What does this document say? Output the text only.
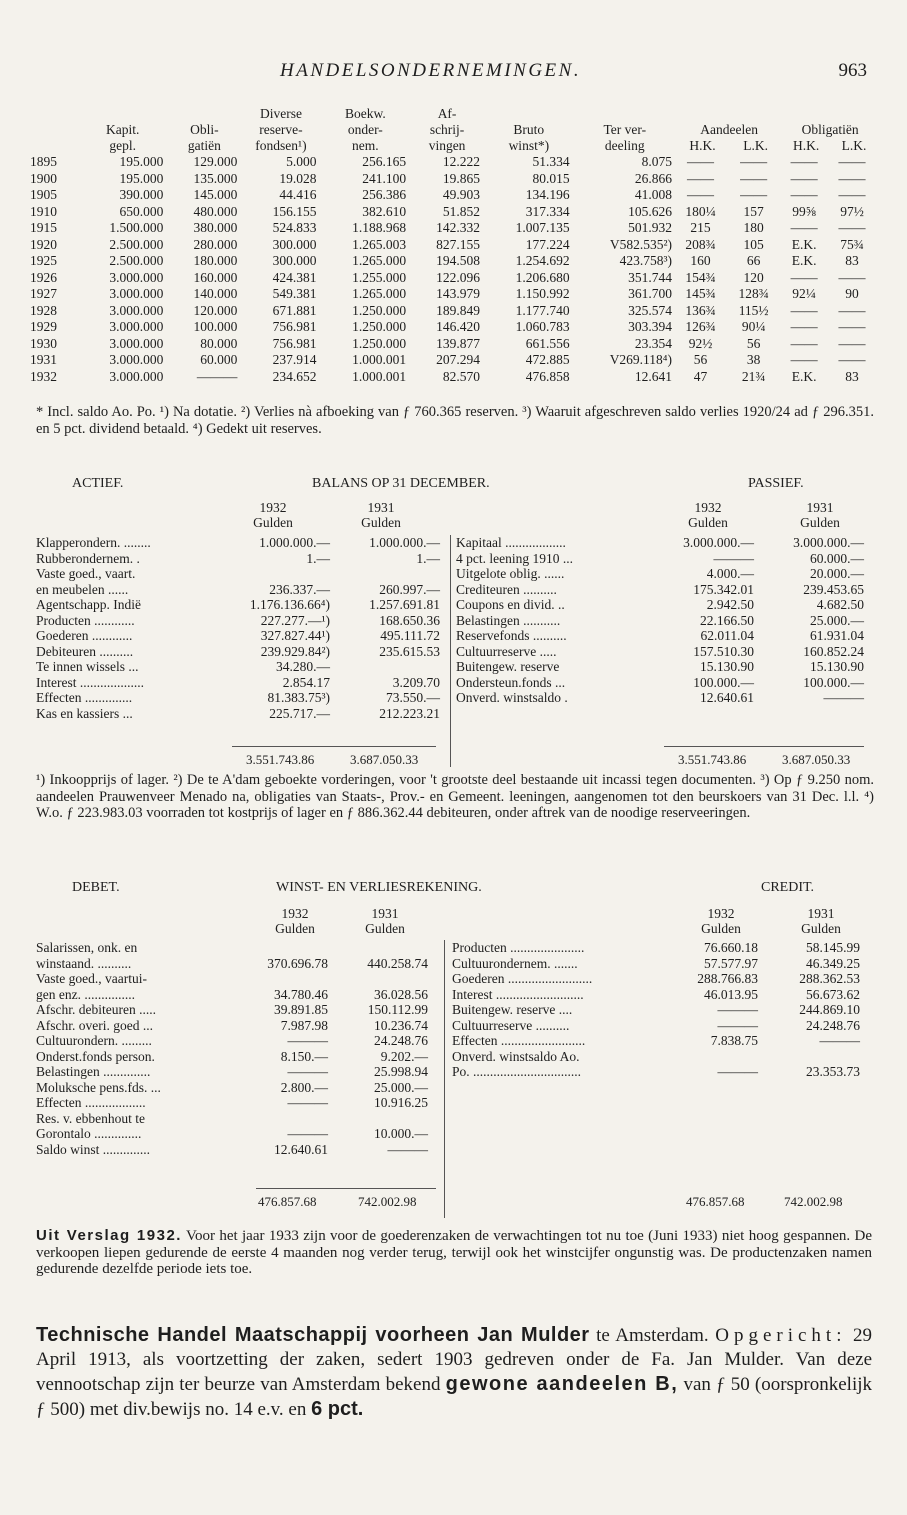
HANDELSONDERNEMINGEN.	963
			Diverse	Boekw.	Af-						
	Kapit.	Obli-	reserve-	onder-	schrij-	Bruto	Ter ver-	Aandeelen		Obligatiën	
	gepl.	gatiën	fondsen¹)	nem.	vingen	winst*)	deeling	H.K.	L.K.	H.K.	L.K.
1895	195.000	129.000	5.000	256.165	12.222	51.334	8.075	——	——	——	——
1900	195.000	135.000	19.028	241.100	19.865	80.015	26.866	——	——	——	——
1905	390.000	145.000	44.416	256.386	49.903	134.196	41.008	——	——	——	——
1910	650.000	480.000	156.155	382.610	51.852	317.334	105.626	180¼	157	99⅝	97½
1915	1.500.000	380.000	524.833	1.188.968	142.332	1.007.135	501.932	215	180	——	——
1920	2.500.000	280.000	300.000	1.265.003	827.155	177.224	V582.535²)	208¾	105	E.K.	75¾
1925	2.500.000	180.000	300.000	1.265.000	194.508	1.254.692	423.758³)	160	66	E.K.	83
1926	3.000.000	160.000	424.381	1.255.000	122.096	1.206.680	351.744	154¾	120	——	——
1927	3.000.000	140.000	549.381	1.265.000	143.979	1.150.992	361.700	145¾	128¾	92¼	90
1928	3.000.000	120.000	671.881	1.250.000	189.849	1.177.740	325.574	136¾	115½	——	——
1929	3.000.000	100.000	756.981	1.250.000	146.420	1.060.783	303.394	126¾	90¼	——	——
1930	3.000.000	80.000	756.981	1.250.000	139.877	661.556	23.354	92½	56	——	——
1931	3.000.000	60.000	237.914	1.000.001	207.294	472.885	V269.118⁴)	56	38	——	——
1932	3.000.000	———	234.652	1.000.001	82.570	476.858	12.641	47	21¾	E.K.	83
* Incl. saldo Ao. Po. ¹) Na dotatie. ²) Verlies nà afboeking van ƒ 760.365 reserven. ³) Waaruit afgeschreven saldo verlies 1920/24 ad ƒ 296.351. en 5 pct. dividend betaald. ⁴) Gedekt uit reserves.
ACTIEF.	BALANS OP 31 DECEMBER.	PASSIEF.
1932
Gulden
1931
Gulden
1932
Gulden
1931
Gulden
Klapperondern. ........	1.000.000.—	1.000.000.—
Rubberondernem. .	1.—	1.—
Vaste goed., vaart.
en meubelen ......	236.337.—	260.997.—
Agentschapp. Indië	1.176.136.66⁴)	1.257.691.81
Producten ............	227.277.—¹)	168.650.36
Goederen ............	327.827.44¹)	495.111.72
Debiteuren ..........	239.929.84²)	235.615.53
Te innen wissels ...	34.280.—
Interest ...................	2.854.17	3.209.70
Effecten ..............	81.383.75³)	73.550.—
Kas en kassiers ...	225.717.—	212.223.21
Kapitaal ..................	3.000.000.—	3.000.000.—
4 pct. leening 1910 ...	———	60.000.—
Uitgelote oblig. ......	4.000.—	20.000.—
Crediteuren ..........	175.342.01	239.453.65
Coupons en divid. ..	2.942.50	4.682.50
Belastingen ...........	22.166.50	25.000.—
Reservefonds ..........	62.011.04	61.931.04
Cultuurreserve .....	157.510.30	160.852.24
Buitengew. reserve	15.130.90	15.130.90
Ondersteun.fonds ...	100.000.—	100.000.—
Onverd. winstsaldo .	12.640.61	———
3.551.743.86	3.687.050.33	3.551.743.86	3.687.050.33
¹) Inkoopprijs of lager. ²) De te A'dam geboekte vorderingen, voor 't grootste deel bestaande uit incassi tegen documenten. ³) Op ƒ 9.250 nom. aandeelen Prauwenveer Menado na, obligaties van Staats-, Prov.- en Gemeent. leeningen, aangenomen tot den beurskoers van 31 Dec. l.l. ⁴) W.o. ƒ 223.983.03 voorraden tot kostprijs of lager en ƒ 886.362.44 debiteuren, onder aftrek van de noodige reserveeringen.
DEBET.	WINST- EN VERLIESREKENING.	CREDIT.
1932
Gulden
1931
Gulden
1932
Gulden
1931
Gulden
Salarissen, onk. en
winstaand. ..........	370.696.78	440.258.74
Vaste goed., vaartui-
gen enz. ...............	34.780.46	36.028.56
Afschr. debiteuren .....	39.891.85	150.112.99
Afschr. overi. goed ...	7.987.98	10.236.74
Cultuurondern. .........	———	24.248.76
Onderst.fonds person.	8.150.—	9.202.—
Belastingen ..............	———	25.998.94
Moluksche pens.fds. ...	2.800.—	25.000.—
Effecten ..................	———	10.916.25
Res. v. ebbenhout te
Gorontalo ..............	———	10.000.—
Saldo winst ..............	12.640.61	———
Producten ......................	76.660.18	58.145.99
Cultuurondernem. .......	57.577.97	46.349.25
Goederen .........................	288.766.83	288.362.53
Interest ..........................	46.013.95	56.673.62
Buitengew. reserve ....	———	244.869.10
Cultuurreserve ..........	———	24.248.76
Effecten .........................	7.838.75	———
Onverd. winstsaldo Ao.
Po. ................................	———	23.353.73
476.857.68	742.002.98	476.857.68	742.002.98
Uit Verslag 1932. Voor het jaar 1933 zijn voor de goederenzaken de verwachtingen tot nu toe (Juni 1933) niet hoog gespannen. De verkoopen liepen gedurende de eerste 4 maanden nog verder terug, terwijl ook het winstcijfer ongunstig was. De productenzaken namen gedurende dezelfde periode iets toe.
Technische Handel Maatschappij voorheen Jan Mulder te Amsterdam. Opgericht: 29 April 1913, als voortzetting der zaken, sedert 1903 gedreven onder de Fa. Jan Mulder. Van deze vennootschap zijn ter beurze van Amsterdam bekend gewone aandeelen B, van ƒ 50 (oorspronkelijk ƒ 500) met div.bewijs no. 14 e.v. en 6 pct.
